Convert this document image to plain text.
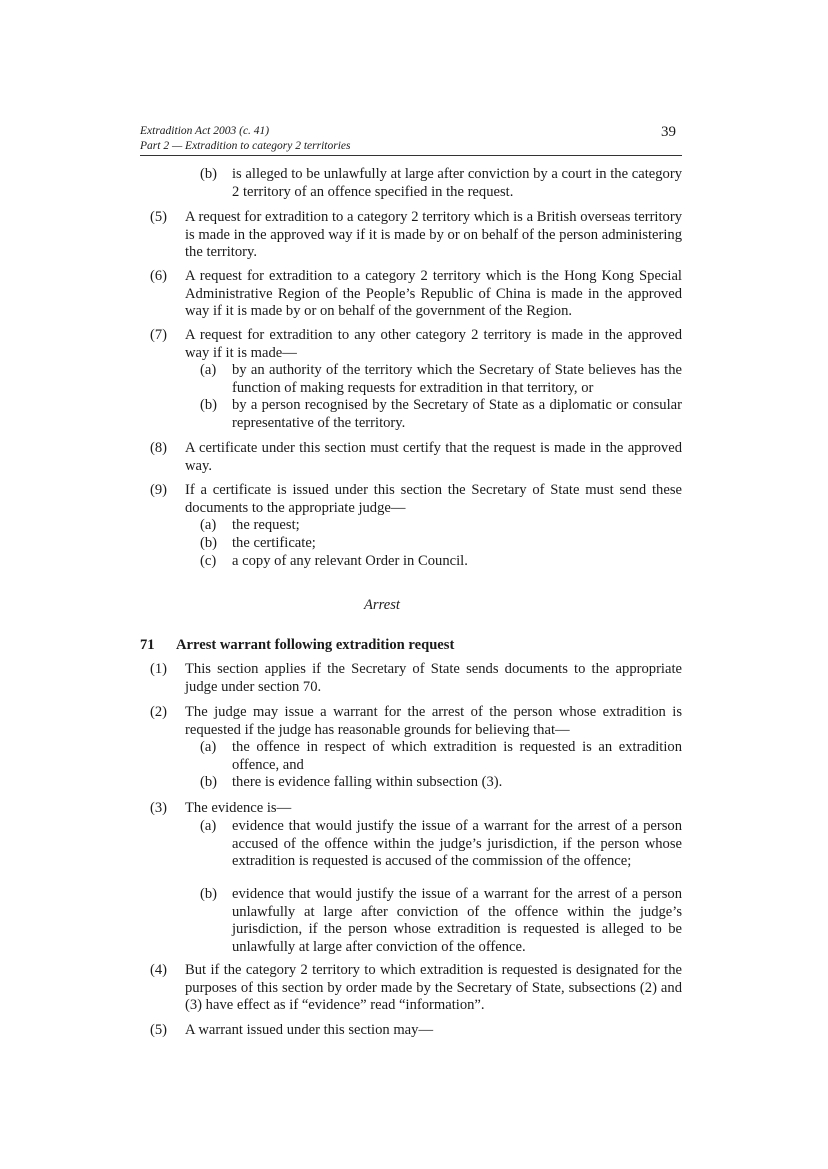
Extradition Act 2003 (c. 41)
Part 2 — Extradition to category 2 territories
39
(b) is alleged to be unlawfully at large after conviction by a court in the category 2 territory of an offence specified in the request.
(5) A request for extradition to a category 2 territory which is a British overseas territory is made in the approved way if it is made by or on behalf of the person administering the territory.
(6) A request for extradition to a category 2 territory which is the Hong Kong Special Administrative Region of the People’s Republic of China is made in the approved way if it is made by or on behalf of the government of the Region.
(7) A request for extradition to any other category 2 territory is made in the approved way if it is made—
(a) by an authority of the territory which the Secretary of State believes has the function of making requests for extradition in that territory, or
(b) by a person recognised by the Secretary of State as a diplomatic or consular representative of the territory.
(8) A certificate under this section must certify that the request is made in the approved way.
(9) If a certificate is issued under this section the Secretary of State must send these documents to the appropriate judge—
(a) the request;
(b) the certificate;
(c) a copy of any relevant Order in Council.
Arrest
71 Arrest warrant following extradition request
(1) This section applies if the Secretary of State sends documents to the appropriate judge under section 70.
(2) The judge may issue a warrant for the arrest of the person whose extradition is requested if the judge has reasonable grounds for believing that—
(a) the offence in respect of which extradition is requested is an extradition offence, and
(b) there is evidence falling within subsection (3).
(3) The evidence is—
(a) evidence that would justify the issue of a warrant for the arrest of a person accused of the offence within the judge’s jurisdiction, if the person whose extradition is requested is accused of the commission of the offence;
(b) evidence that would justify the issue of a warrant for the arrest of a person unlawfully at large after conviction of the offence within the judge’s jurisdiction, if the person whose extradition is requested is alleged to be unlawfully at large after conviction of the offence.
(4) But if the category 2 territory to which extradition is requested is designated for the purposes of this section by order made by the Secretary of State, subsections (2) and (3) have effect as if “evidence” read “information”.
(5) A warrant issued under this section may—
